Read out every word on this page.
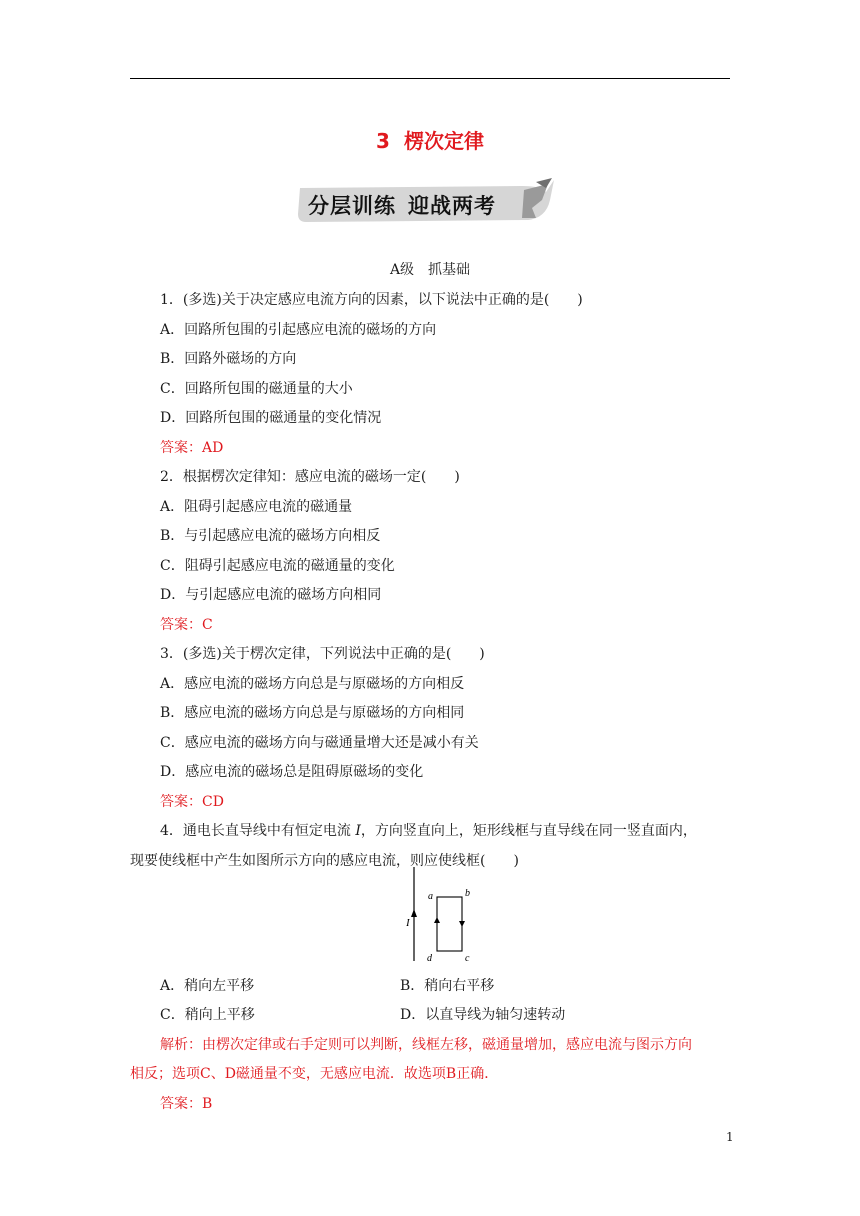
3 楞次定律
分层训练 迎战两考
A级　抓基础
1．(多选)关于决定感应电流方向的因素，以下说法中正确的是(　　)
A．回路所包围的引起感应电流的磁场的方向
B．回路外磁场的方向
C．回路所包围的磁通量的大小
D．回路所包围的磁通量的变化情况
答案：AD
2．根据楞次定律知：感应电流的磁场一定(　　)
A．阻碍引起感应电流的磁通量
B．与引起感应电流的磁场方向相反
C．阻碍引起感应电流的磁通量的变化
D．与引起感应电流的磁场方向相同
答案：C
3．(多选)关于楞次定律，下列说法中正确的是(　　)
A．感应电流的磁场方向总是与原磁场的方向相反
B．感应电流的磁场方向总是与原磁场的方向相同
C．感应电流的磁场方向与磁通量增大还是减小有关
D．感应电流的磁场总是阻碍原磁场的变化
答案：CD
4．通电长直导线中有恒定电流 I，方向竖直向上，矩形线框与直导线在同一竖直面内，
现要使线框中产生如图所示方向的感应电流，则应使线框(　　)
a	b
c
d
I
A．稍向左平移	B．稍向右平移
C．稍向上平移	D．以直导线为轴匀速转动
解析：由楞次定律或右手定则可以判断，线框左移，磁通量增加，感应电流与图示方向
相反；选项C、D磁通量不变，无感应电流．故选项B正确．
答案：B
1
